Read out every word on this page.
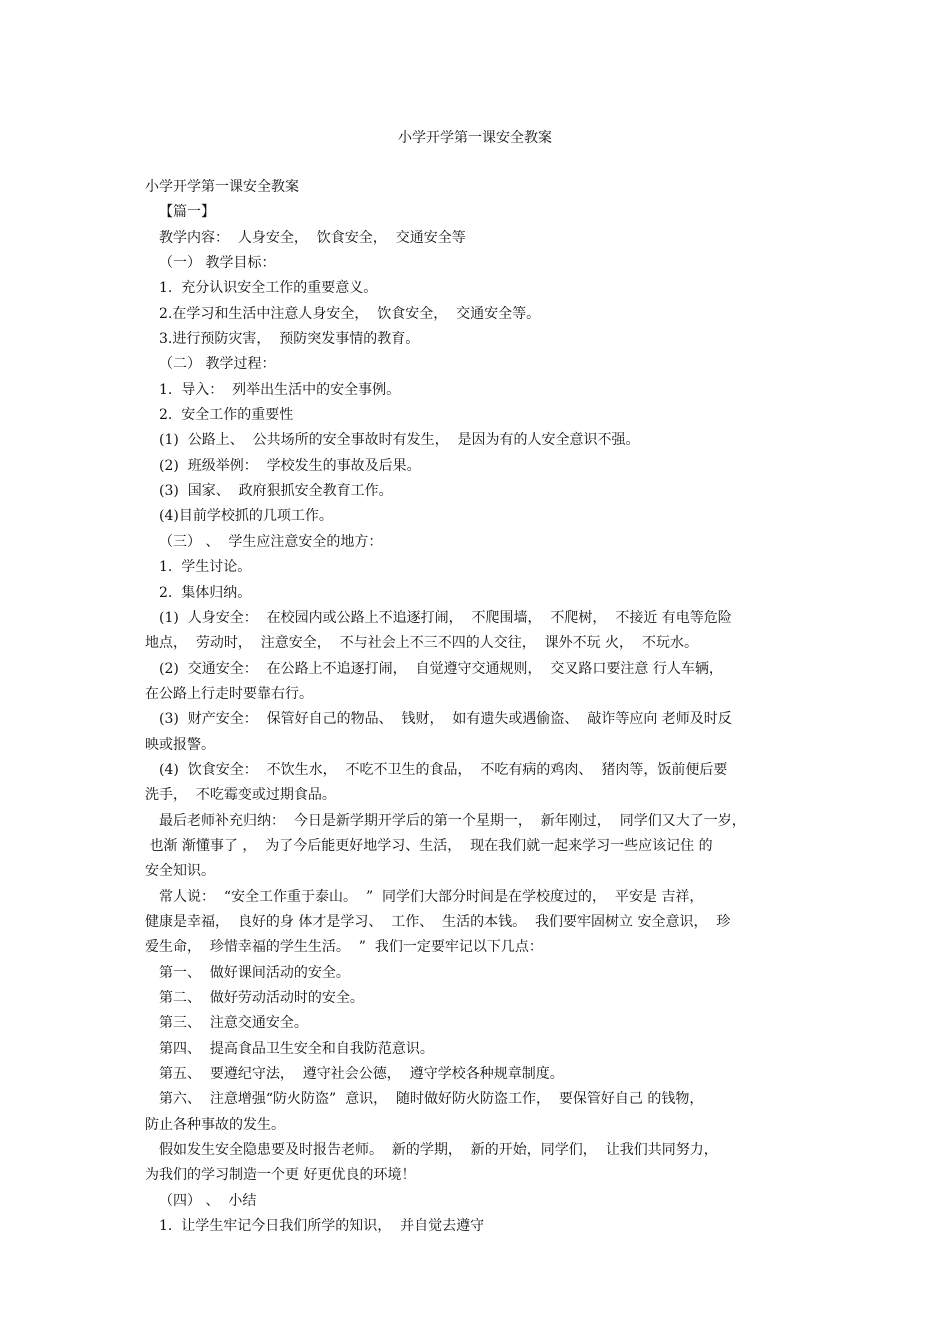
小学开学第一课安全教案
小学开学第一课安全教案
【篇一】
教学内容：  人身安全，  饮食安全，  交通安全等
（一） 教学目标：
1.  充分认识安全工作的重要意义。
2.在学习和生活中注意人身安全，  饮食安全，  交通安全等。
3.进行预防灾害，  预防突发事情的教育。
（二） 教学过程：
1.  导入：  列举出生活中的安全事例。
2.  安全工作的重要性
(1)  公路上、  公共场所的安全事故时有发生，  是因为有的人安全意识不强。
(2)  班级举例：  学校发生的事故及后果。
(3)  国家、  政府狠抓安全教育工作。
(4)目前学校抓的几项工作。
（三） 、  学生应注意安全的地方：
1.  学生讨论。
2.  集体归纳。
(1)  人身安全：  在校园内或公路上不追逐打闹，  不爬围墙，  不爬树，  不接近 有电等危险
地点，  劳动时，  注意安全，  不与社会上不三不四的人交往，  课外不玩 火，  不玩水。
(2)  交通安全：  在公路上不追逐打闹，  自觉遵守交通规则，  交叉路口要注意 行人车辆，
在公路上行走时要靠右行。
(3)  财产安全：  保管好自己的物品、  钱财，  如有遗失或遇偷盗、  敲诈等应向 老师及时反
映或报警。
(4)  饮食安全：  不饮生水，  不吃不卫生的食品，  不吃有病的鸡肉、  猪肉等，饭前便后要
洗手，  不吃霉变或过期食品。
最后老师补充归纳：  今日是新学期开学后的第一个星期一，  新年刚过，  同学们又大了一岁，
也渐 渐懂事了 ，  为了今后能更好地学习、生活，  现在我们就一起来学习一些应该记住 的
安全知识。
常人说：  “安全工作重于泰山。  ”  同学们大部分时间是在学校度过的，  平安是 吉祥，
健康是幸福，  良好的身 体才是学习、  工作、  生活的本钱。  我们要牢固树立 安全意识，  珍
爱生命，  珍惜幸福的学生生活。  ”  我们一定要牢记以下几点：
第一、  做好课间活动的安全。
第二、  做好劳动活动时的安全。
第三、  注意交通安全。
第四、  提高食品卫生安全和自我防范意识。
第五、  要遵纪守法，  遵守社会公德，  遵守学校各种规章制度。
第六、  注意增强“防火防盗”  意识，  随时做好防火防盗工作，  要保管好自己 的钱物，
防止各种事故的发生。
假如发生安全隐患要及时报告老师。  新的学期，  新的开始，同学们，  让我们共同努力，
为我们的学习制造一个更 好更优良的环境！
（四） 、  小结
1.  让学生牢记今日我们所学的知识，  并自觉去遵守
